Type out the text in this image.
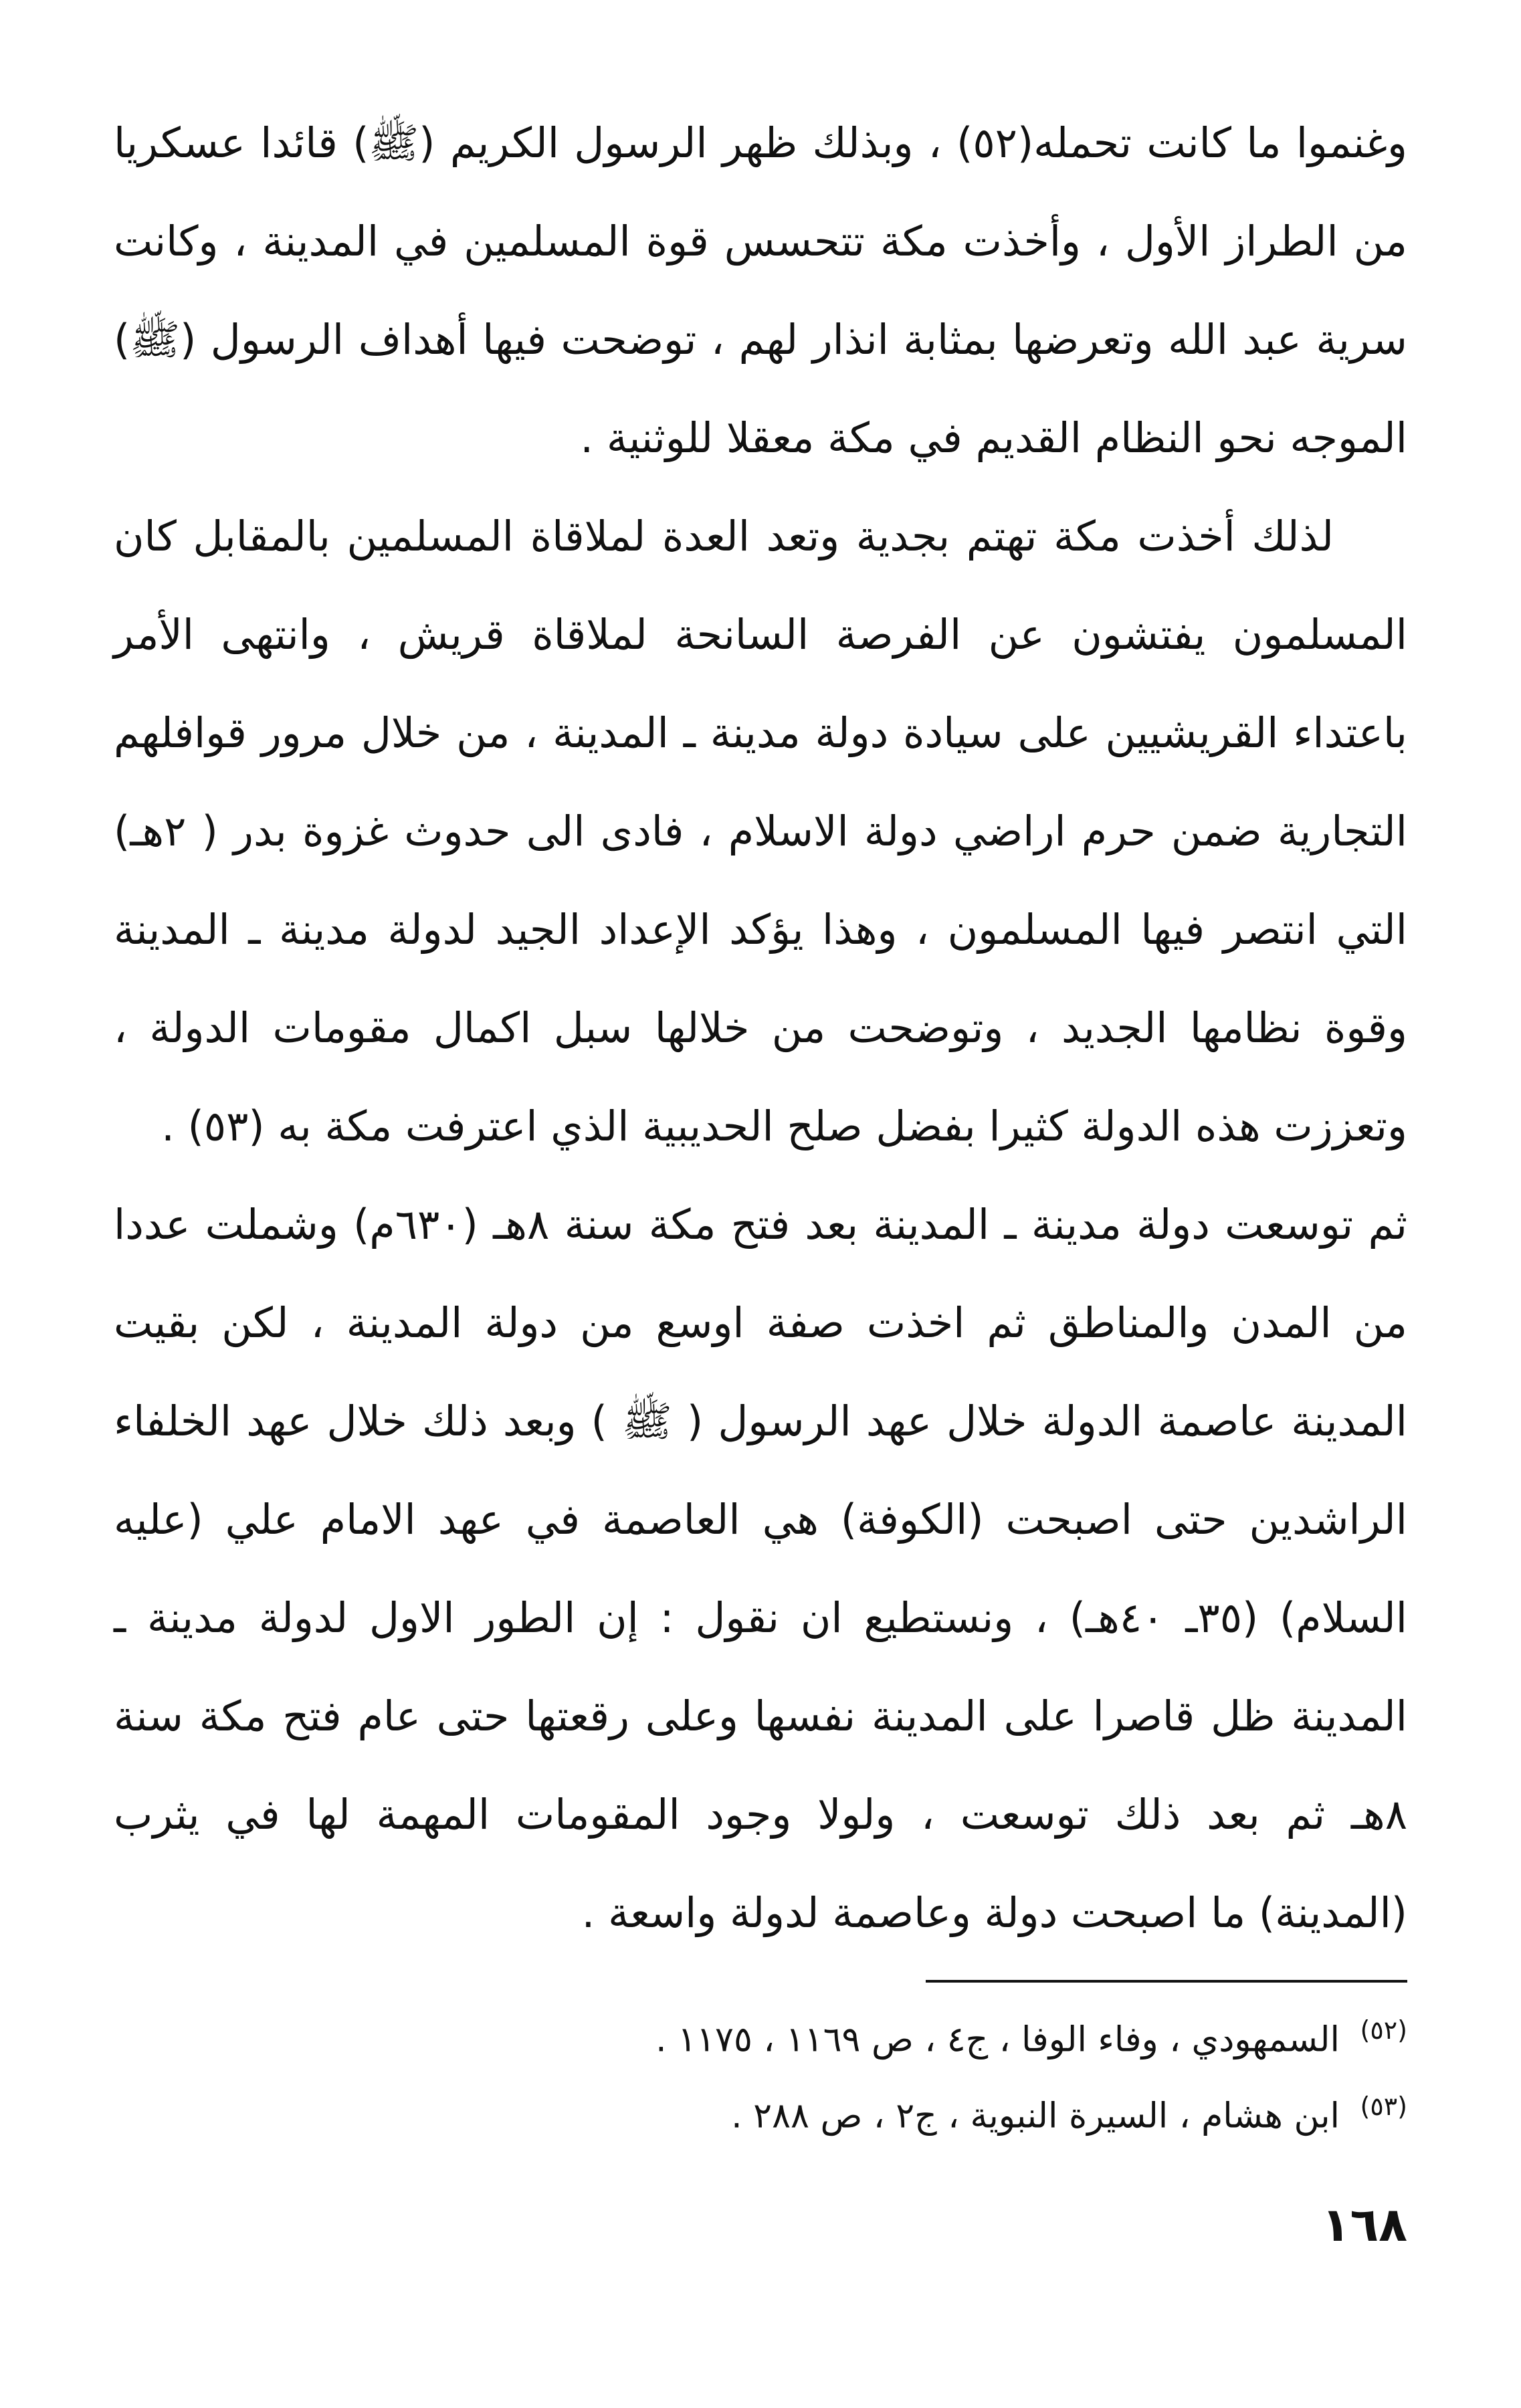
وغنموا ما كانت تحمله(٥٢) ، وبذلك ظهر الرسول الكريم (ﷺ) قائدا عسكريا من الطراز الأول ، وأخذت مكة تتحسس قوة المسلمين في المدينة ، وكانت سرية عبد الله وتعرضها بمثابة انذار لهم ، توضحت فيها أهداف الرسول (ﷺ) الموجه نحو النظام القديم في مكة معقلا للوثنية .

لذلك أخذت مكة تهتم بجدية وتعد العدة لملاقاة المسلمين بالمقابل كان المسلمون يفتشون عن الفرصة السانحة لملاقاة قريش ، وانتهى الأمر باعتداء القريشيين على سيادة دولة مدينة ـ المدينة ، من خلال مرور قوافلهم التجارية ضمن حرم اراضي دولة الاسلام ، فادى الى حدوث غزوة بدر ( ٢هـ) التي انتصر فيها المسلمون ، وهذا يؤكد الإعداد الجيد لدولة مدينة ـ المدينة وقوة نظامها الجديد ، وتوضحت من خلالها سبل اكمال مقومات الدولة ، وتعززت هذه الدولة كثيرا بفضل صلح الحديبية الذي اعترفت مكة به (٥٣) .

ثم توسعت دولة مدينة ـ المدينة بعد فتح مكة سنة ٨هـ (٦٣٠م) وشملت عددا من المدن والمناطق ثم اخذت صفة اوسع من دولة المدينة ، لكن بقيت المدينة عاصمة الدولة خلال عهد الرسول ( ﷺ ) وبعد ذلك خلال عهد الخلفاء الراشدين حتى اصبحت (الكوفة) هي العاصمة في عهد الامام علي (عليه السلام) (٣٥ـ ٤٠هـ) ، ونستطيع ان نقول : إن الطور الاول لدولة مدينة ـ المدينة ظل قاصرا على المدينة نفسها وعلى رقعتها حتى عام فتح مكة سنة ٨هـ ثم بعد ذلك توسعت ، ولولا وجود المقومات المهمة لها في يثرب (المدينة) ما اصبحت دولة وعاصمة لدولة واسعة .

$^{(٥٢)}$ السمهودي ، وفاء الوفا ، ج٤ ، ص ١١٦٩ ، ١١٧٥ .

$^{(٥٣)}$ ابن هشام ، السيرة النبوية ، ج٢ ، ص ٢٨٨ .

١٦٨
